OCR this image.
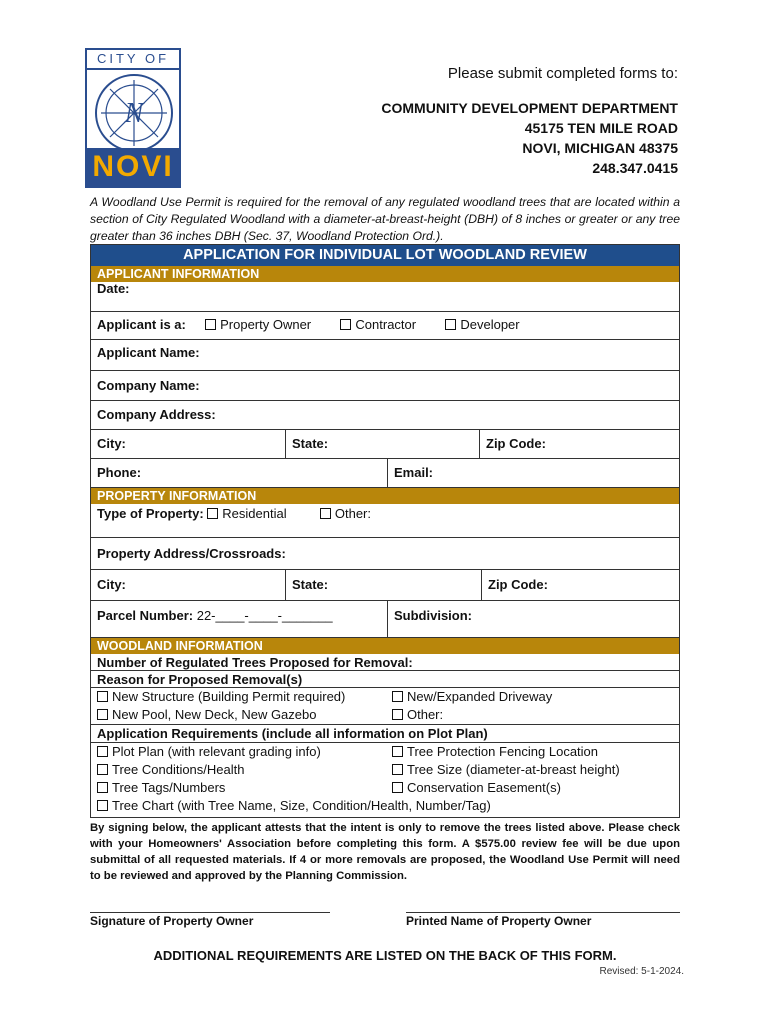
CITY OF
N
NOVI
Please submit completed forms to:
COMMUNITY DEVELOPMENT DEPARTMENT
45175 TEN MILE ROAD
NOVI, MICHIGAN 48375
248.347.0415
A Woodland Use Permit is required for the removal of any regulated woodland trees that are located within a section of City Regulated Woodland with a diameter-at-breast-height (DBH) of 8 inches or greater or any tree greater than 36 inches DBH (Sec. 37, Woodland Protection Ord.).
APPLICATION FOR INDIVIDUAL LOT WOODLAND REVIEW
APPLICANT INFORMATION
Date:
Applicant is a:	Property Owner	Contractor	Developer
Applicant Name:
Company Name:
Company Address:
City:	State:	Zip Code:
Phone:	Email:
PROPERTY INFORMATION
Type of Property: Residential	Other:
Property Address/Crossroads:
City:	State:	Zip Code:
Parcel Number: 22-____-____-_______	Subdivision:
WOODLAND INFORMATION
Number of Regulated Trees Proposed for Removal:
Reason for Proposed Removal(s)
New Structure (Building Permit required)	New/Expanded Driveway
New Pool, New Deck, New Gazebo	Other:
Application Requirements (include all information on Plot Plan)
Plot Plan (with relevant grading info)	Tree Protection Fencing Location
Tree Conditions/Health	Tree Size (diameter-at-breast height)
Tree Tags/Numbers	Conservation Easement(s)
Tree Chart (with Tree Name, Size, Condition/Health, Number/Tag)
By signing below, the applicant attests that the intent is only to remove the trees listed above. Please check with your Homeowners' Association before completing this form. A $575.00 review fee will be due upon submittal of all requested materials. If 4 or more removals are proposed, the Woodland Use Permit will need to be reviewed and approved by the Planning Commission.
Signature of Property Owner	Printed Name of Property Owner
ADDITIONAL REQUIREMENTS ARE LISTED ON THE BACK OF THIS FORM.
Revised: 5-1-2024.
